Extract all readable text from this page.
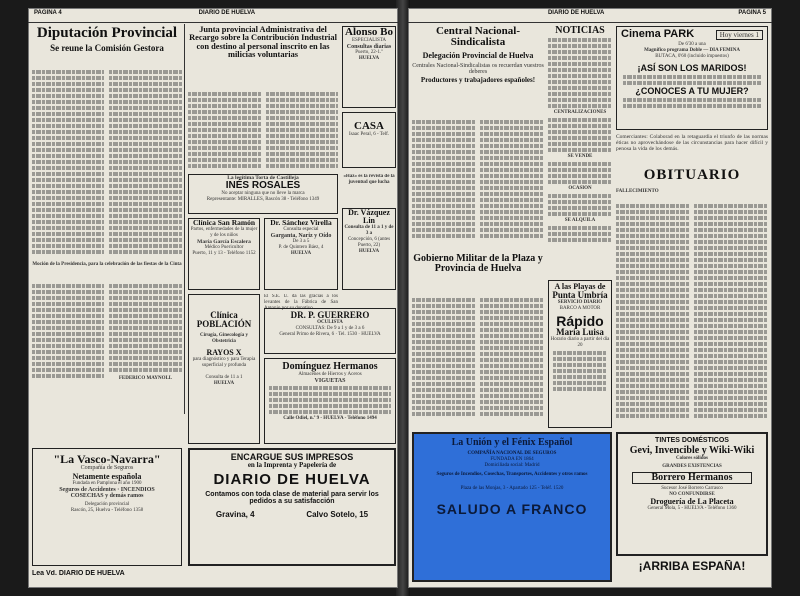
PAGINA 4	DIARIO DE HUELVA
Diputación Provincial
Se reune la Comisión Gestora
Moción de la Presidencia, para la celebración de las fiestas de la Cinta
FEDERICO MAYNOLL
Junta provincial Administrativa del Recargo sobre la Contribución Industrial con destino al personal inscrito en las milicias voluntarias
Alonso Bo
ESPECIALISTA
Consultas diarias
Puerto, 22-1.º
HUELVA
CASA
Isaac Peral, 6 - Telf.
La legítima Torta de Castilleja
INÉS ROSALES
No aceptar ninguna que no lleve la marca
Representante: MIRALLES, Rascón 38 - Teléfono 1349
Clínica San Ramón
Partos, enfermedades de la mujer y de los niños
María García Escalera
Médico Puericultor
Puerto, 11 y 13 - Teléfono 1152
Dr. Sánchez Virella
Consulta especial
Garganta, Nariz y Oído
De 3 a 5
P. de Quintero Báez, 4
HUELVA
«Haz» es la revista de la juventud que lucha
Dr. Vázquez Lin
Consulta de 11 a 1 y de 3 a
Concepción, 6 (antes Puerto, 22)
HUELVA
El S.E. U. da las gracias a los levantes de la Fábrica de San Antonio por su donativo.
DR. P. GUERRERO
OCULISTA
CONSULTAS: De 9 a 1 y de 3 a 6
General Primo de Rivera, 6 · Tel. 1530 · HUELVA
Clínica POBLACIÓN
Cirugía, Ginecología y Obstetricia
RAYOS X
para diagnóstico y para Terapia superficial y profunda
Consulta de 11 a 1
HUELVA
Domínguez Hermanos
Almacenes de Hierros y Aceros
VIGUETAS
Calle Odiel, n.º 9 - HUELVA - Teléfono 1494
"La Vasco-Navarra"
Compañía de Seguros
Netamente española
Fundada en Pamplona el año 1900
Seguros de Accidentes · INCENDIOS
COSECHAS y demás ramos
Delegación provincial
Rascón, 25, Huelva - Teléfono 1358
ENCARGUE SUS IMPRESOS
en la Imprenta y Papelería de
DIARIO DE HUELVA
Contamos con toda clase de material para servir los pedidos a su satisfacción
Gravina, 4	Calvo Sotelo, 15
Lea Vd. DIARIO DE HUELVA
DIARIO DE HUELVA	PAGINA 5
Central Nacional-Sindicalista
Delegación Provincial de Huelva
Centrales Nacional-Sindicalistas os recuerdan vuestros deberes
Productores y trabajadores españoles!
Gobierno Militar de la Plaza y Provincia de Huelva
NOTICIAS
CENTRALIZACIONES
SE VENDE
OCASION
SE ALQUILA
A las Playas de
Punta Umbría
SERVICIO DIARIO
BARCO A MOTOR
Rápido
María Luisa
Horario diario a partir del día 20
Cinema PARK	Hoy viernes 1
De 6'30 a una
Magnífico programa Doble — DIA FEMINA
BUTACA, 0'60 (incluido impuestos)
¡ASÍ SON LOS MARIDOS!
¿CONOCES A TU MUJER?
Comerciantes: Colaborad en la retaguardia el triunfo de las normas éticas no aprovechándose de las circunstancias para hacer difícil y penosa la vida de los demás.
OBITUARIO
FALLECIMIENTO
La Unión y el Fénix Español
COMPAÑÍA NACIONAL DE SEGUROS
FUNDADA EN 1864
Domiciliada social: Madrid
Seguros de Incendios, Cosechas, Transportes, Accidentes y otros ramos
Plaza de las Monjas, 3 - Apartado 125 - Teléf. 1520
SALUDO A FRANCO
TINTES DOMÉSTICOS
Gevi, Invencible y Wiki-Wiki
Colores sólidos
GRANDES EXISTENCIAS
Borrero Hermanos
Sucesor José Borrero Carrasco
NO CONFUNDIRSE
Droguería de La Placeta
General Mola, 5 - HUELVA - Teléfono 1360
¡ARRIBA ESPAÑA!
